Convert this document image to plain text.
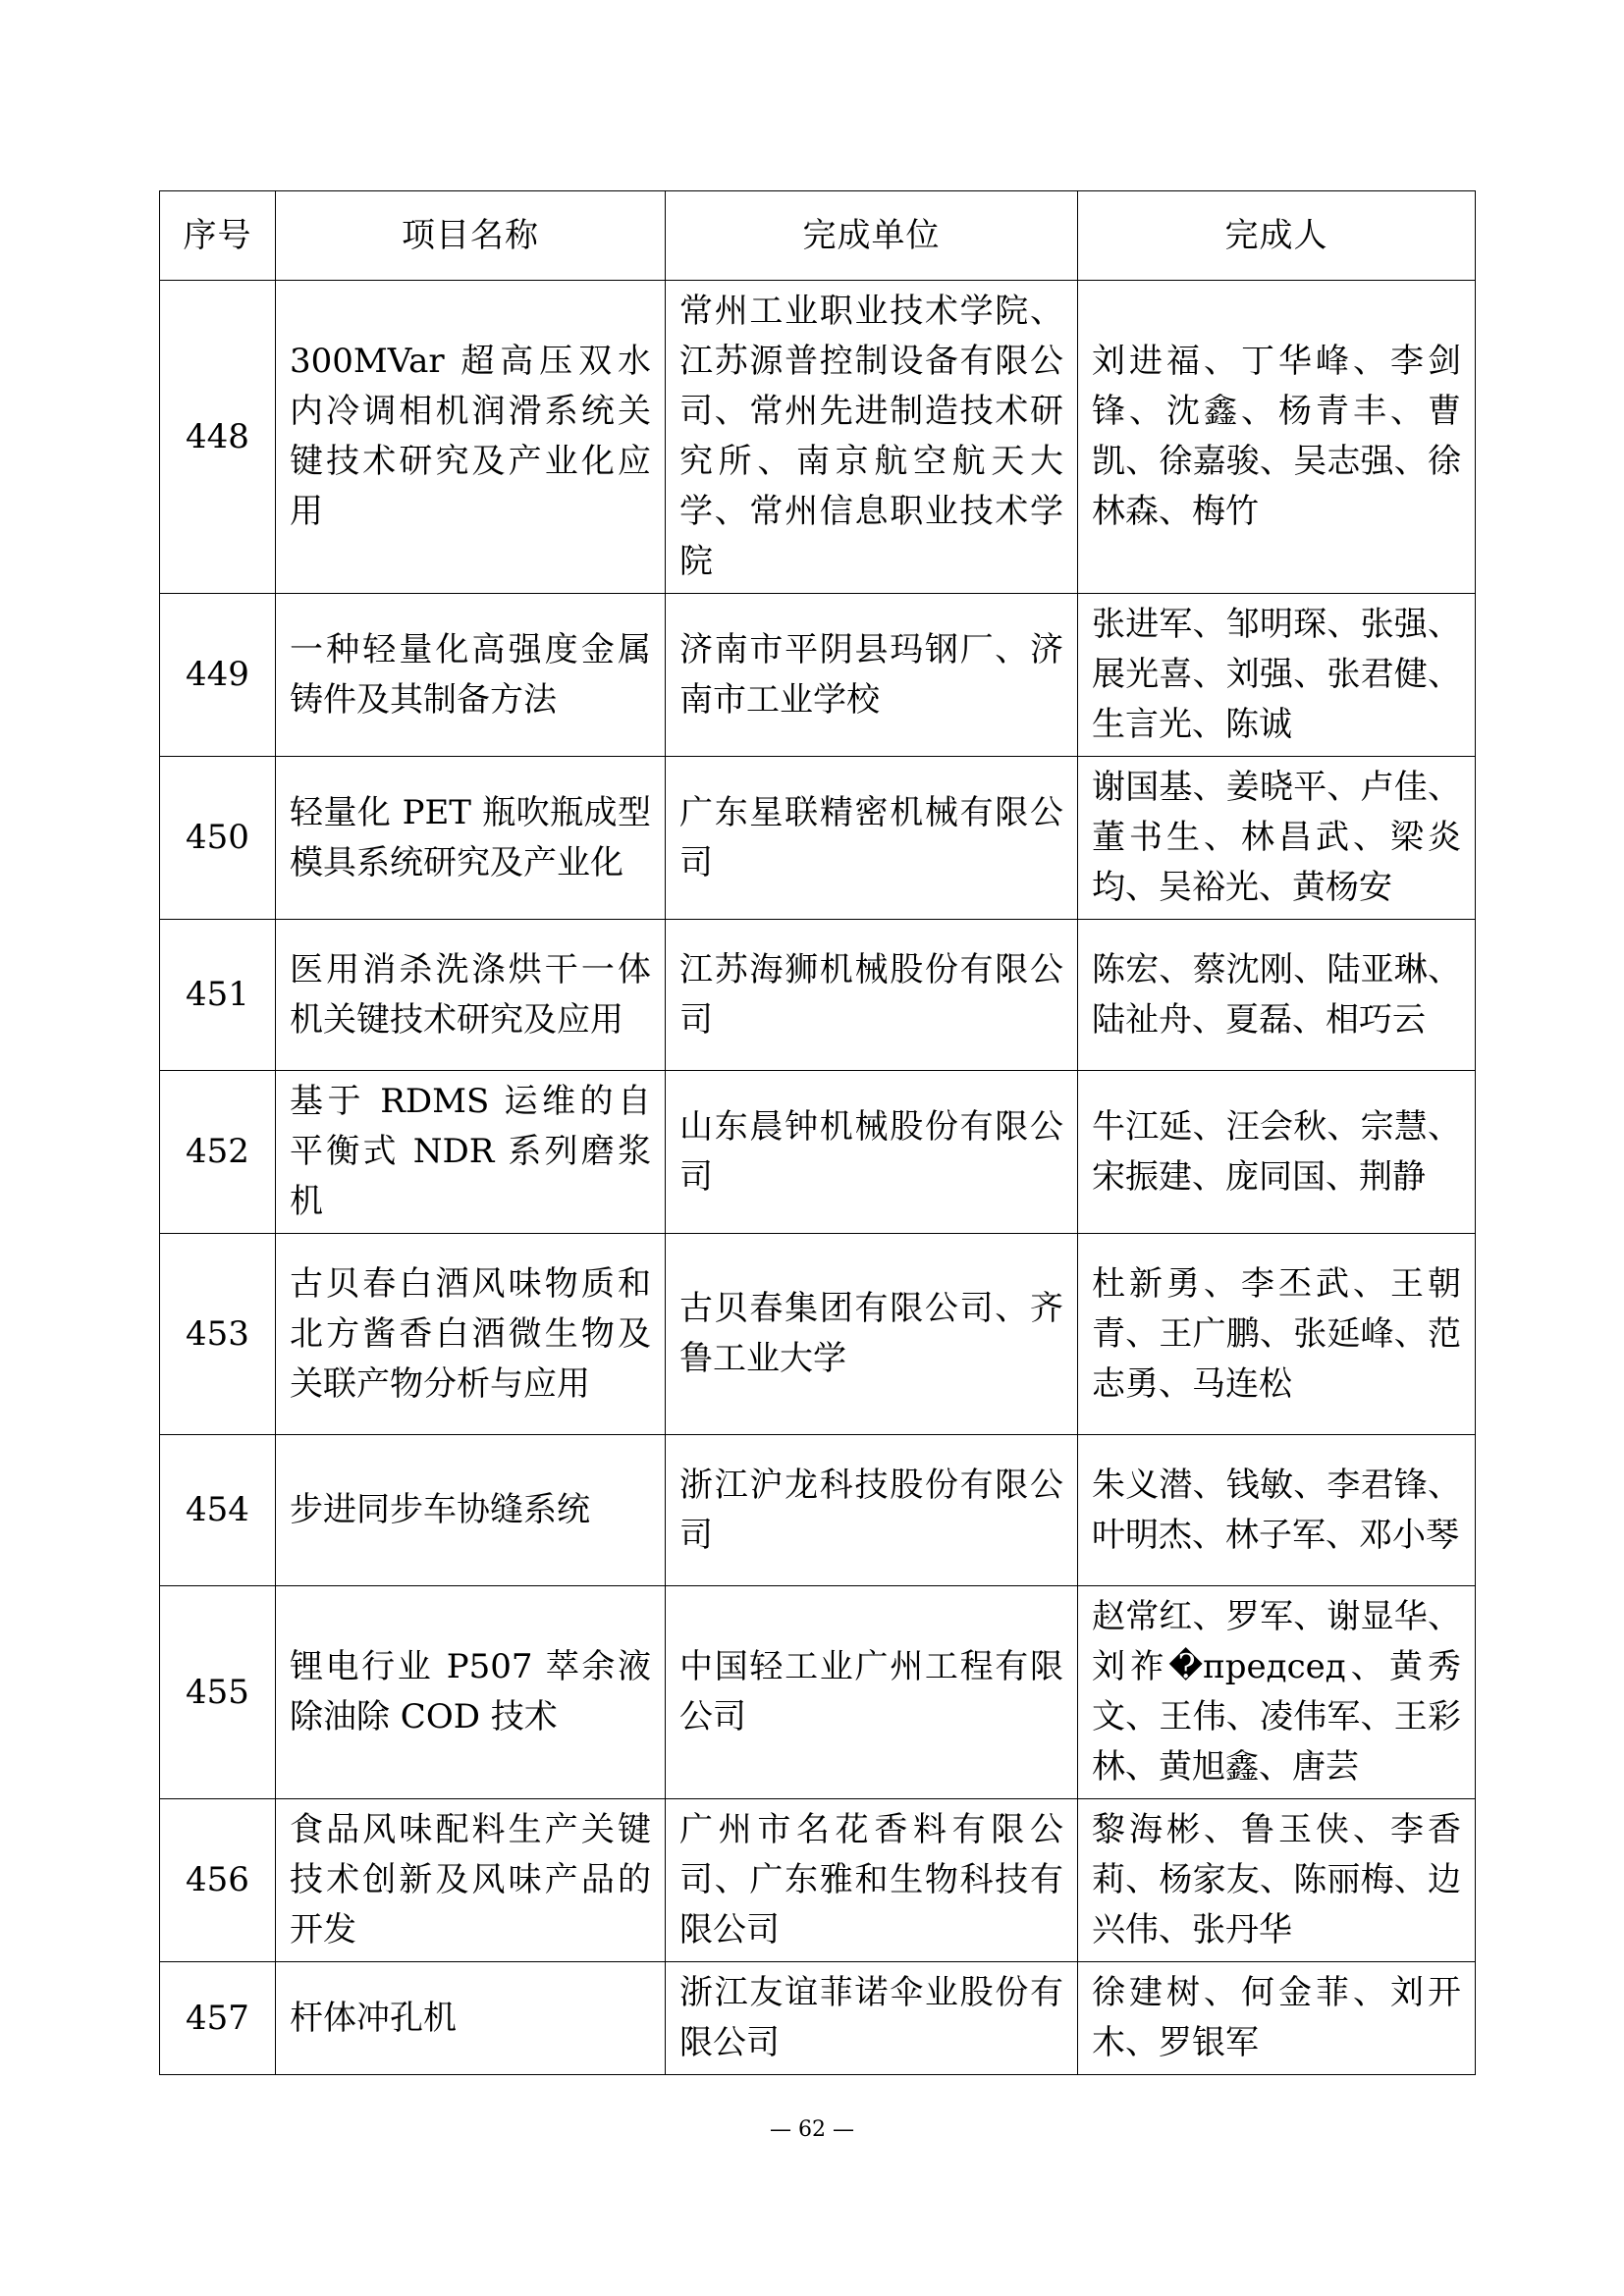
序号	项目名称	完成单位	完成人
448	300MVar 超高压双水内冷调相机润滑系统关键技术研究及产业化应用	常州工业职业技术学院、江苏源普控制设备有限公司、常州先进制造技术研究所、南京航空航天大学、常州信息职业技术学院	刘进福、丁华峰、李剑锋、沈鑫、杨青丰、曹凯、徐嘉骏、吴志强、徐林森、梅竹
449	一种轻量化高强度金属铸件及其制备方法	济南市平阴县玛钢厂、济南市工业学校	张进军、邹明琛、张强、展光喜、刘强、张君健、生言光、陈诚
450	轻量化 PET 瓶吹瓶成型模具系统研究及产业化	广东星联精密机械有限公司	谢国基、姜晓平、卢佳、董书生、林昌武、梁炎均、吴裕光、黄杨安
451	医用消杀洗涤烘干一体机关键技术研究及应用	江苏海狮机械股份有限公司	陈宏、蔡沈刚、陆亚琳、陆祉舟、夏磊、相巧云
452	基于 RDMS 运维的自平衡式 NDR 系列磨浆机	山东晨钟机械股份有限公司	牛江延、汪会秋、宗慧、宋振建、庞同国、荆静
453	古贝春白酒风味物质和北方酱香白酒微生物及关联产物分析与应用	古贝春集团有限公司、齐鲁工业大学	杜新勇、李丕武、王朝青、王广鹏、张延峰、范志勇、马连松
454	步进同步车协缝系统	浙江沪龙科技股份有限公司	朱义潜、钱敏、李君锋、叶明杰、林子军、邓小琴
455	锂电行业 P507 萃余液除油除 COD 技术	中国轻工业广州工程有限公司	赵常红、罗军、谢显华、刘祚�председ、黄秀文、王伟、凌伟军、王彩林、黄旭鑫、唐芸
456	食品风味配料生产关键技术创新及风味产品的开发	广州市名花香料有限公司、广东雅和生物科技有限公司	黎海彬、鲁玉侠、李香莉、杨家友、陈丽梅、边兴伟、张丹华
457	杆体冲孔机	浙江友谊菲诺伞业股份有限公司	徐建树、何金菲、刘开木、罗银军
— 62 —
